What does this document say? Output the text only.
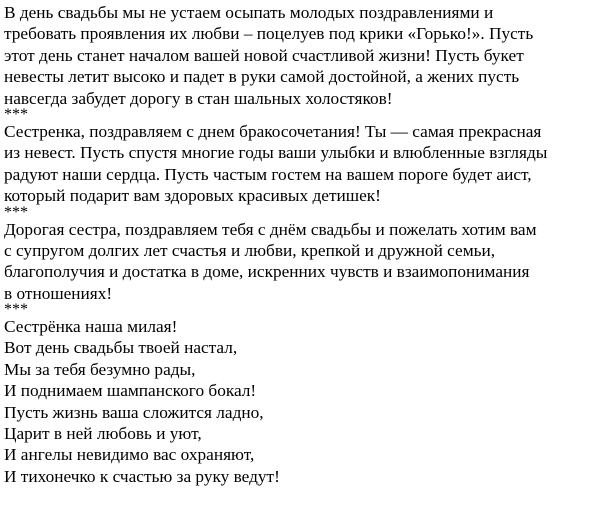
В день свадьбы мы не устаем осыпать молодых поздравлениями и
требовать проявления их любви – поцелуев под крики «Горько!». Пусть
этот день станет началом вашей новой счастливой жизни! Пусть букет
невесты летит высоко и падет в руки самой достойной, а жених пусть
навсегда забудет дорогу в стан шальных холостяков!
***
Сестренка, поздравляем с днем бракосочетания! Ты — самая прекрасная
из невест. Пусть спустя многие годы ваши улыбки и влюбленные взгляды
радуют наши сердца. Пусть частым гостем на вашем пороге будет аист,
который подарит вам здоровых красивых детишек!
***
Дорогая сестра, поздравляем тебя с днём свадьбы и пожелать хотим вам
с супругом долгих лет счастья и любви, крепкой и дружной семьи,
благополучия и достатка в доме, искренних чувств и взаимопонимания
в отношениях!
***
Сестрёнка наша милая!
Вот день свадьбы твоей настал,
Мы за тебя безумно рады,
И поднимаем шампанского бокал!
Пусть жизнь ваша сложится ладно,
Царит в ней любовь и уют,
И ангелы невидимо вас охраняют,
И тихонечко к счастью за руку ведут!
